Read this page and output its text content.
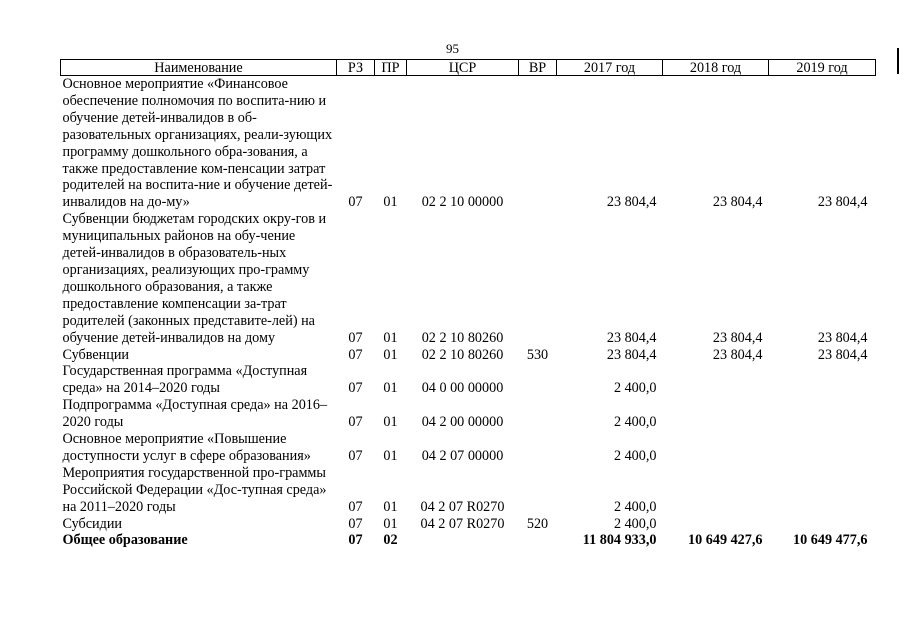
95
Наименование	РЗ	ПР	ЦСР	ВР	2017 год	2018 год	2019 год
Основное мероприятие «Финансовое обеспечение полномочия по воспита-нию и обучение детей-инвалидов в об-разовательных организациях, реали-зующих программу дошкольного обра-зования, а также предоставление ком-пенсации затрат родителей на воспита-ние и обучение детей-инвалидов на до-му»	07	01	02 2 10 00000		23 804,4	23 804,4	23 804,4
Субвенции бюджетам городских окру-гов и муниципальных районов на обу-чение детей-инвалидов в образователь-ных организациях, реализующих про-грамму дошкольного образования, а также предоставление компенсации за-трат родителей (законных представите-лей) на обучение детей-инвалидов на дому	07	01	02 2 10 80260		23 804,4	23 804,4	23 804,4
Субвенции	07	01	02 2 10 80260	530	23 804,4	23 804,4	23 804,4
Государственная программа «Доступная среда» на 2014–2020 годы	07	01	04 0 00 00000		2 400,0		
Подпрограмма «Доступная среда» на 2016–2020 годы	07	01	04 2 00 00000		2 400,0		
Основное мероприятие «Повышение доступности услуг в сфере образования»	07	01	04 2 07 00000		2 400,0		
Мероприятия государственной про-граммы Российской Федерации «Дос-тупная среда» на 2011–2020 годы	07	01	04 2 07 R0270		2 400,0		
Субсидии	07	01	04 2 07 R0270	520	2 400,0		
Общее образование	07	02			11 804 933,0	10 649 427,6	10 649 477,6
